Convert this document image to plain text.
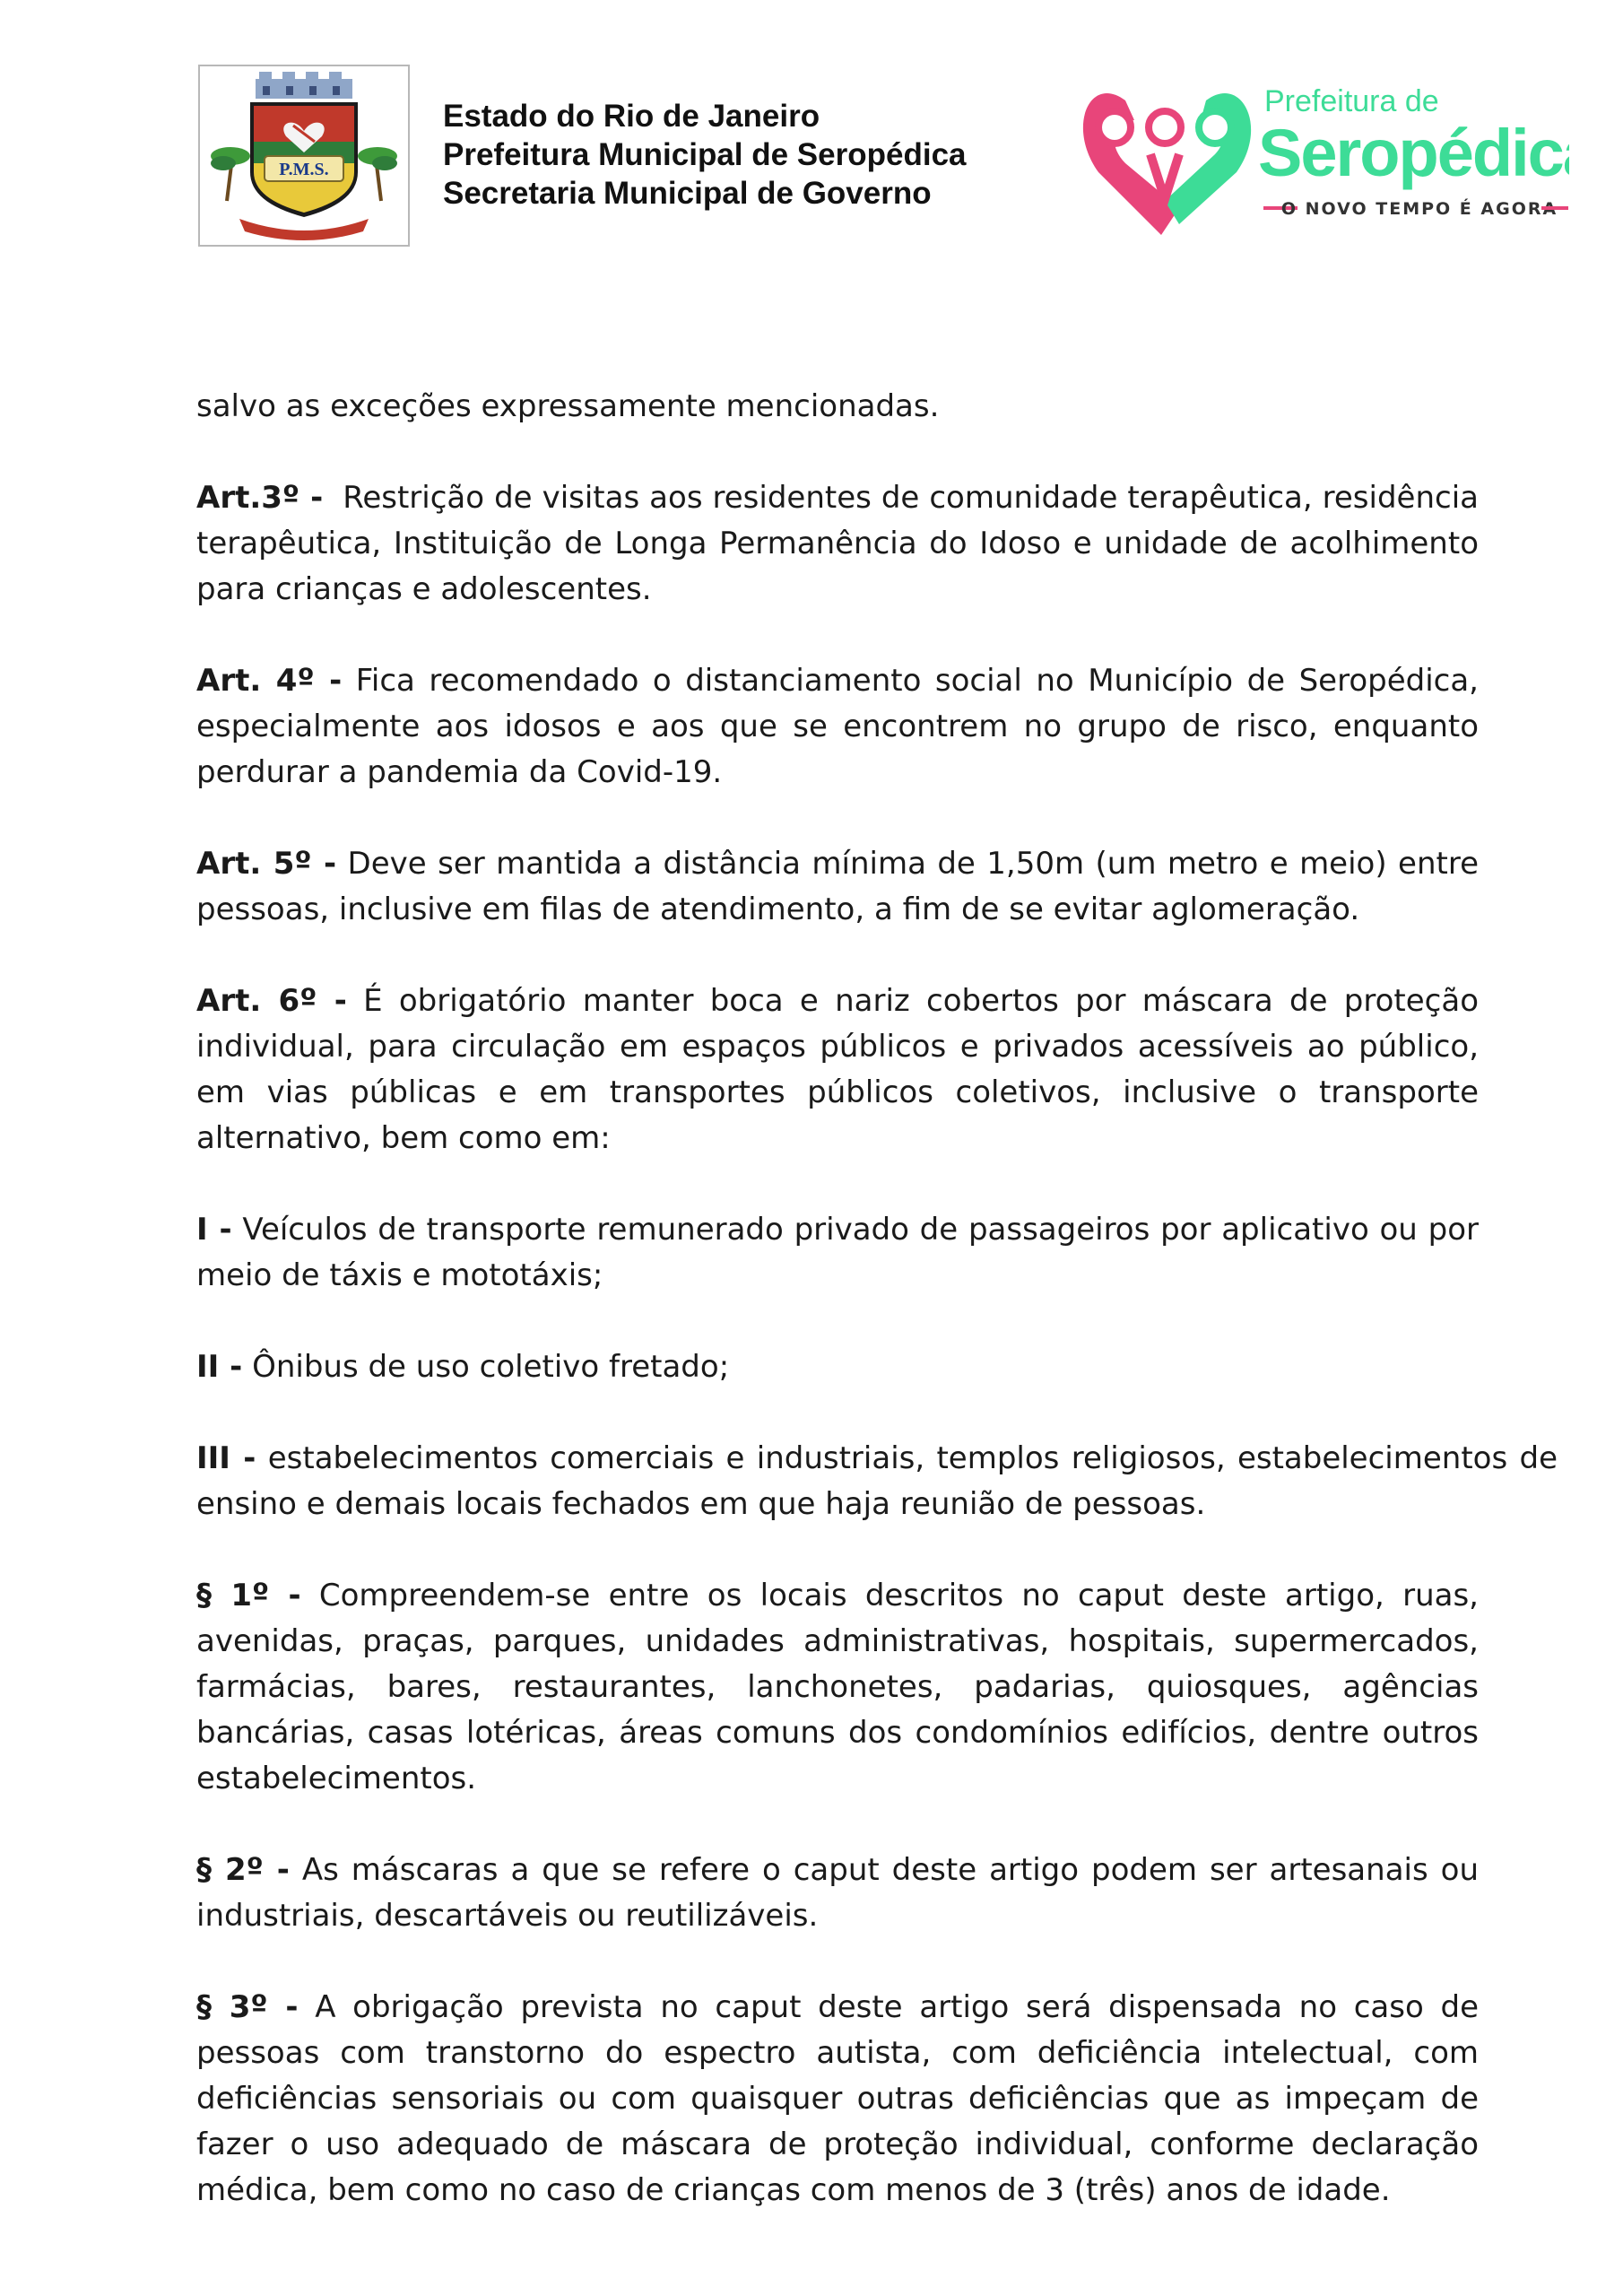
P.M.S.
Estado do Rio de Janeiro
Prefeitura Municipal de Seropédica
Secretaria Municipal de Governo
Prefeitura de
Seropédica
O NOVO TEMPO É AGORA

salvo as exceções expressamente mencionadas.

Art.3º - Restrição de visitas aos residentes de comunidade terapêutica, residência terapêutica, Instituição de Longa Permanência do Idoso e unidade de acolhimento para crianças e adolescentes.

Art. 4º - Fica recomendado o distanciamento social no Município de Seropédica, especialmente aos idosos e aos que se encontrem no grupo de risco, enquanto perdurar a pandemia da Covid-19.

Art. 5º - Deve ser mantida a distância mínima de 1,50m (um metro e meio) entre pessoas, inclusive em filas de atendimento, a fim de se evitar aglomeração.

Art. 6º - É obrigatório manter boca e nariz cobertos por máscara de proteção individual, para circulação em espaços públicos e privados acessíveis ao público, em vias públicas e em transportes públicos coletivos, inclusive o transporte alternativo, bem como em:

I - Veículos de transporte remunerado privado de passageiros por aplicativo ou por meio de táxis e mototáxis;

II - Ônibus de uso coletivo fretado;

III - estabelecimentos comerciais e industriais, templos religiosos, estabelecimentos de ensino e demais locais fechados em que haja reunião de pessoas.

§ 1º - Compreendem-se entre os locais descritos no caput deste artigo, ruas, avenidas, praças, parques, unidades administrativas, hospitais, supermercados, farmácias, bares, restaurantes, lanchonetes, padarias, quiosques, agências bancárias, casas lotéricas, áreas comuns dos condomínios edifícios, dentre outros estabelecimentos.

§ 2º - As máscaras a que se refere o caput deste artigo podem ser artesanais ou industriais, descartáveis ou reutilizáveis.

§ 3º - A obrigação prevista no caput deste artigo será dispensada no caso de pessoas com transtorno do espectro autista, com deficiência intelectual, com deficiências sensoriais ou com quaisquer outras deficiências que as impeçam de fazer o uso adequado de máscara de proteção individual, conforme declaração médica, bem como no caso de crianças com menos de 3 (três) anos de idade.
